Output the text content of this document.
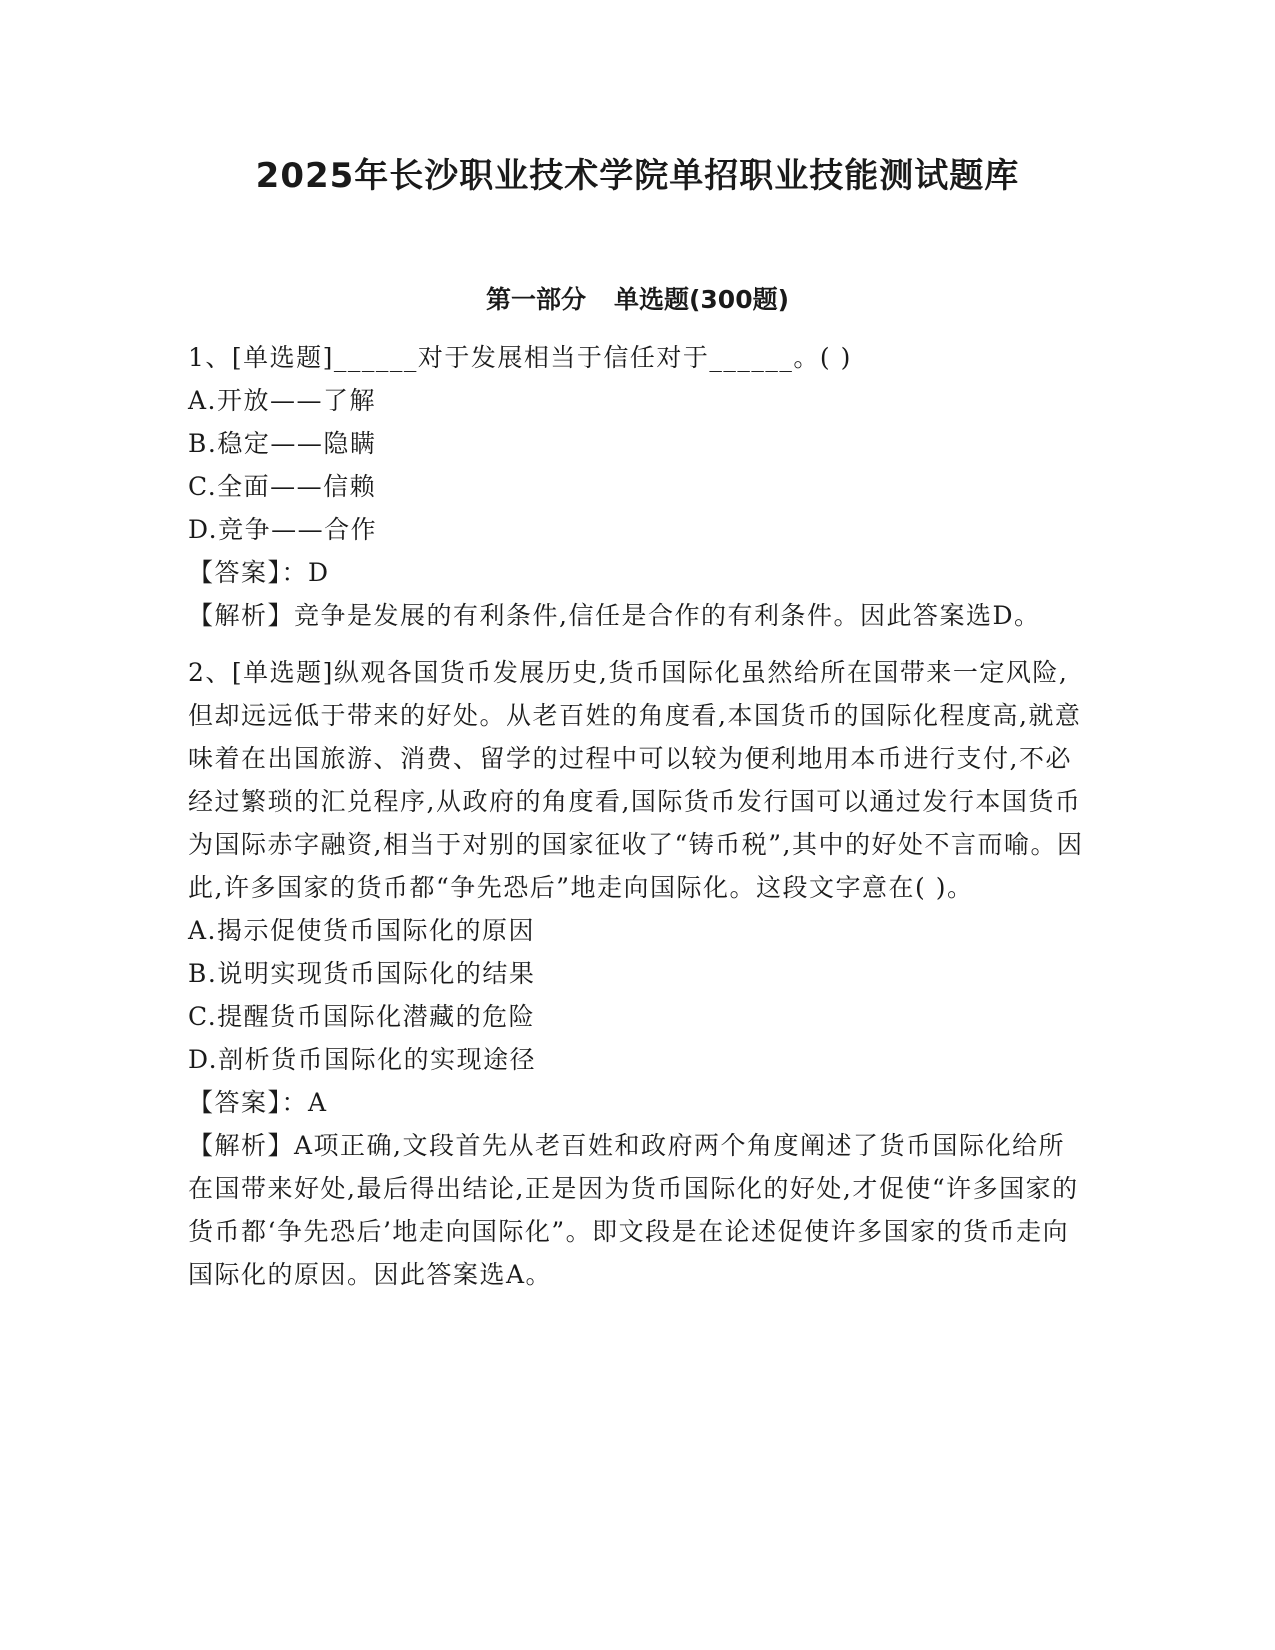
2025年长沙职业技术学院单招职业技能测试题库
第一部分 单选题(300题)

1、[单选题]______对于发展相当于信任对于______。( )

A.开放——了解

B.稳定——隐瞒

C.全面——信赖

D.竞争——合作

【答案】：D

【解析】竞争是发展的有利条件,信任是合作的有利条件。因此答案选D。

2、[单选题]纵观各国货币发展历史,货币国际化虽然给所在国带来一定风险,但却远远低于带来的好处。从老百姓的角度看,本国货币的国际化程度高,就意味着在出国旅游、消费、留学的过程中可以较为便利地用本币进行支付,不必经过繁琐的汇兑程序,从政府的角度看,国际货币发行国可以通过发行本国货币为国际赤字融资,相当于对别的国家征收了“铸币税”,其中的好处不言而喻。因此,许多国家的货币都“争先恐后”地走向国际化。这段文字意在( )。

A.揭示促使货币国际化的原因

B.说明实现货币国际化的结果

C.提醒货币国际化潜藏的危险

D.剖析货币国际化的实现途径

【答案】：A

【解析】A项正确,文段首先从老百姓和政府两个角度阐述了货币国际化给所在国带来好处,最后得出结论,正是因为货币国际化的好处,才促使“许多国家的货币都‘争先恐后’地走向国际化”。即文段是在论述促使许多国家的货币走向国际化的原因。因此答案选A。
